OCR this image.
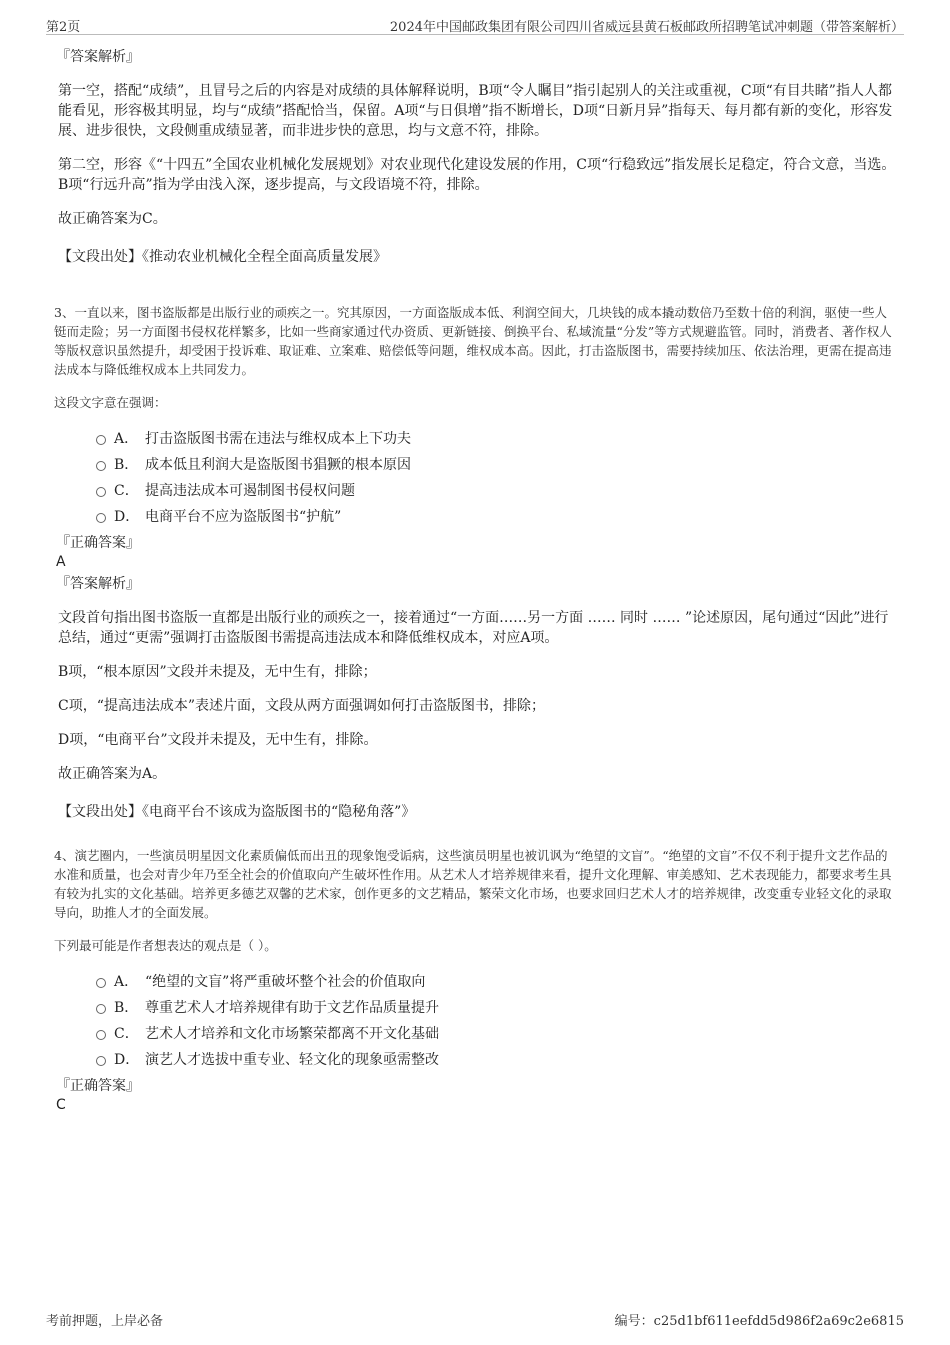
第2页	2024年中国邮政集团有限公司四川省威远县黄石板邮政所招聘笔试冲刺题（带答案解析）
『答案解析』
第一空，搭配“成绩”，且冒号之后的内容是对成绩的具体解释说明，B项“令人瞩目”指引起别人的关注或重视，C项“有目共睹”指人人都能看见，形容极其明显，均与“成绩”搭配恰当，保留。A项“与日俱增”指不断增长，D项“日新月异”指每天、每月都有新的变化，形容发展、进步很快，文段侧重成绩显著，而非进步快的意思，均与文意不符，排除。
第二空，形容《“十四五”全国农业机械化发展规划》对农业现代化建设发展的作用，C项“行稳致远”指发展长足稳定，符合文意，当选。B项“行远升高”指为学由浅入深，逐步提高，与文段语境不符，排除。
故正确答案为C。
【文段出处】《推动农业机械化全程全面高质量发展》
3、一直以来，图书盗版都是出版行业的顽疾之一。究其原因，一方面盗版成本低、利润空间大，几块钱的成本撬动数倍乃至数十倍的利润，驱使一些人铤而走险；另一方面图书侵权花样繁多，比如一些商家通过代办资质、更新链接、倒换平台、私域流量“分发”等方式规避监管。同时，消费者、著作权人等版权意识虽然提升，却受困于投诉难、取证难、立案难、赔偿低等问题，维权成本高。因此，打击盗版图书，需要持续加压、依法治理，更需在提高违法成本与降低维权成本上共同发力。
这段文字意在强调：
A． 打击盗版图书需在违法与维权成本上下功夫
B． 成本低且利润大是盗版图书猖獗的根本原因
C． 提高违法成本可遏制图书侵权问题
D． 电商平台不应为盗版图书“护航”
『正确答案』
A
『答案解析』
文段首句指出图书盗版一直都是出版行业的顽疾之一，接着通过“一方面……另一方面 …… 同时 …… ”论述原因，尾句通过“因此”进行总结，通过“更需”强调打击盗版图书需提高违法成本和降低维权成本，对应A项。
B项，“根本原因”文段并未提及，无中生有，排除；
C项，“提高违法成本”表述片面，文段从两方面强调如何打击盗版图书，排除；
D项，“电商平台”文段并未提及，无中生有，排除。
故正确答案为A。
【文段出处】《电商平台不该成为盗版图书的“隐秘角落”》
4、演艺圈内，一些演员明星因文化素质偏低而出丑的现象饱受诟病，这些演员明星也被讥讽为“绝望的文盲”。“绝望的文盲”不仅不利于提升文艺作品的水准和质量，也会对青少年乃至全社会的价值取向产生破坏性作用。从艺术人才培养规律来看，提升文化理解、审美感知、艺术表现能力，都要求考生具有较为扎实的文化基础。培养更多德艺双馨的艺术家，创作更多的文艺精品，繁荣文化市场，也要求回归艺术人才的培养规律，改变重专业轻文化的录取导向，助推人才的全面发展。
下列最可能是作者想表达的观点是（ ）。
A． “绝望的文盲”将严重破坏整个社会的价值取向
B． 尊重艺术人才培养规律有助于文艺作品质量提升
C． 艺术人才培养和文化市场繁荣都离不开文化基础
D． 演艺人才选拔中重专业、轻文化的现象亟需整改
『正确答案』
C
考前押题，上岸必备	编号：c25d1bf611eefdd5d986f2a69c2e6815
